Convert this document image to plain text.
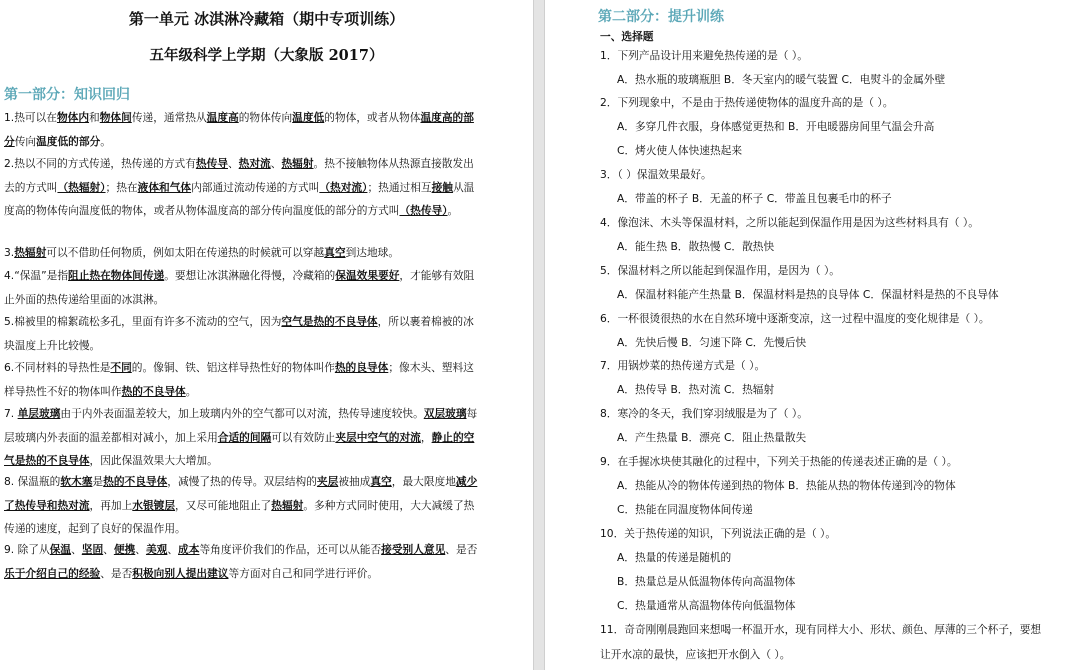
第一单元 冰淇淋冷藏箱（期中专项训练）
五年级科学上学期（大象版 2017）
第一部分：知识回归
1.热可以在物体内和物体间传递，通常热从温度高的物体传向温度低的物体，或者从物体温度高的部分传向温度低的部分。
2.热以不同的方式传递，热传递的方式有热传导、热对流、热辐射。热不接触物体从热源直接散发出去的方式叫（热辐射）；热在液体和气体内部通过流动传递的方式叫（热对流）；热通过相互接触从温度高的物体传向温度低的物体，或者从物体温度高的部分传向温度低的部分的方式叫（热传导）。
3.热辐射可以不借助任何物质，例如太阳在传递热的时候就可以穿越真空到达地球。
4.“保温”是指阻止热在物体间传递。要想让冰淇淋融化得慢，冷藏箱的保温效果要好，才能够有效阻止外面的热传递给里面的冰淇淋。
5.棉被里的棉絮疏松多孔，里面有许多不流动的空气，因为空气是热的不良导体，所以裹着棉被的冰块温度上升比较慢。
6.不同材料的导热性是不同的。像铜、铁、铝这样导热性好的物体叫作热的良导体；像木头、塑料这样导热性不好的物体叫作热的不良导体。
7. 单层玻璃由于内外表面温差较大，加上玻璃内外的空气都可以对流，热传导速度较快。双层玻璃每层玻璃内外表面的温差都相对减小，加上采用合适的间隔可以有效防止夹层中空气的对流，静止的空气是热的不良导体，因此保温效果大大增加。
8. 保温瓶的软木塞是热的不良导体，减慢了热的传导。双层结构的夹层被抽成真空，最大限度地减少了热传导和热对流，再加上水银镀层，又尽可能地阻止了热辐射。多种方式同时使用，大大减缓了热传递的速度，起到了良好的保温作用。
9. 除了从保温、坚固、便携、美观、成本等角度评价我们的作品，还可以从能否接受别人意见、是否乐于介绍自己的经验、是否积极向别人提出建议等方面对自己和同学进行评价。
第二部分：提升训练
一、选择题
1．下列产品设计用来避免热传递的是（ ）。
A．热水瓶的玻璃瓶胆 B．冬天室内的暖气装置 C．电熨斗的金属外壁
2．下列现象中，不是由于热传递使物体的温度升高的是（ ）。
A．多穿几件衣服，身体感觉更热和 B．开电暖器房间里气温会升高
C．烤火使人体快速热起来
3．（ ）保温效果最好。
A．带盖的杯子 B．无盖的杯子 C．带盖且包裹毛巾的杯子
4．像泡沫、木头等保温材料，之所以能起到保温作用是因为这些材料具有（ ）。
A．能生热 B．散热慢 C．散热快
5．保温材料之所以能起到保温作用，是因为（ ）。
A．保温材料能产生热量 B．保温材料是热的良导体 C．保温材料是热的不良导体
6．一杯很烫很热的水在自然环境中逐渐变凉，这一过程中温度的变化规律是（ ）。
A．先快后慢 B．匀速下降 C．先慢后快
7．用锅炒菜的热传递方式是（ ）。
A．热传导 B．热对流 C．热辐射
8．寒冷的冬天，我们穿羽绒服是为了（ ）。
A．产生热量 B．漂亮 C．阻止热量散失
9．在手握冰块使其融化的过程中，下列关于热能的传递表述正确的是（ ）。
A．热能从冷的物体传递到热的物体 B．热能从热的物体传递到冷的物体
C．热能在同温度物体间传递
10．关于热传递的知识，下列说法正确的是（ ）。
A．热量的传递是随机的
B．热量总是从低温物体传向高温物体
C．热量通常从高温物体传向低温物体
11．奇奇刚刚晨跑回来想喝一杯温开水，现有同样大小、形状、颜色、厚薄的三个杯子，要想
让开水凉的最快，应该把开水倒入（ ）。
